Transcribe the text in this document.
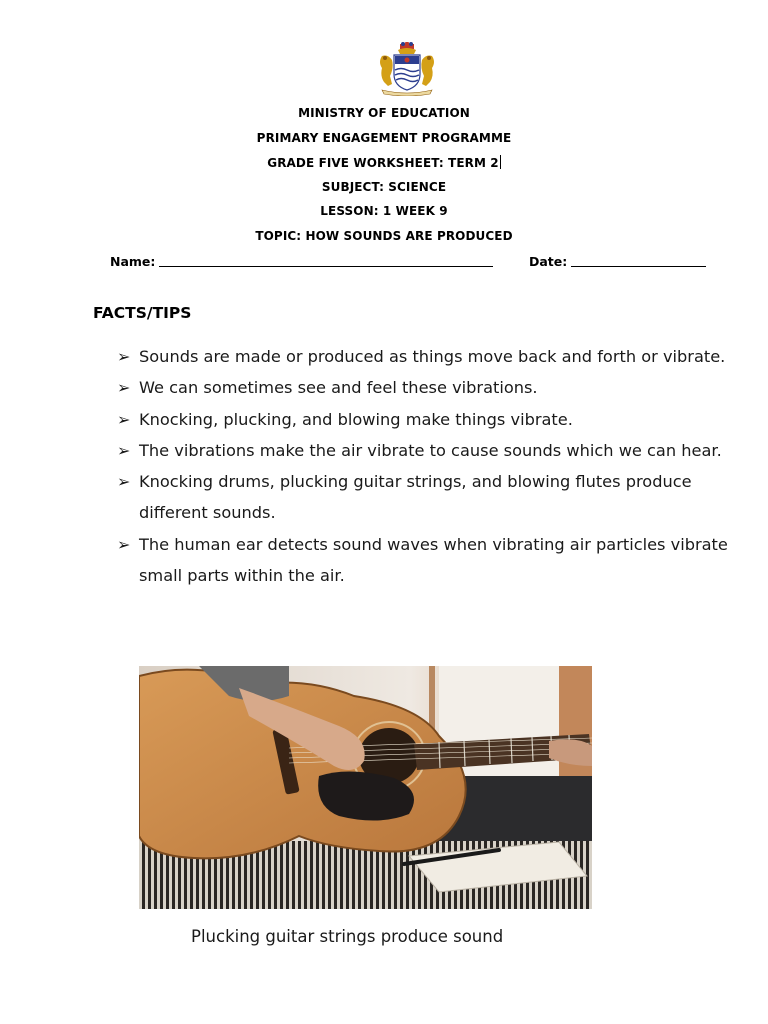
MINISTRY OF EDUCATION
PRIMARY ENGAGEMENT PROGRAMME
GRADE FIVE WORKSHEET: TERM 2
SUBJECT: SCIENCE
LESSON: 1 WEEK 9
TOPIC: HOW SOUNDS ARE PRODUCED
Name:	Date:
FACTS/TIPS
➢ Sounds are made or produced as things move back and forth or vibrate.
➢ We can sometimes see and feel these vibrations.
➢ Knocking, plucking, and blowing make things vibrate.
➢ The vibrations make the air vibrate to cause sounds which we can hear.
➢ Knocking drums, plucking guitar strings, and blowing flutes produce different sounds.
➢ The human ear detects sound waves when vibrating air particles vibrate small parts within the air.
Plucking guitar strings produce sound
